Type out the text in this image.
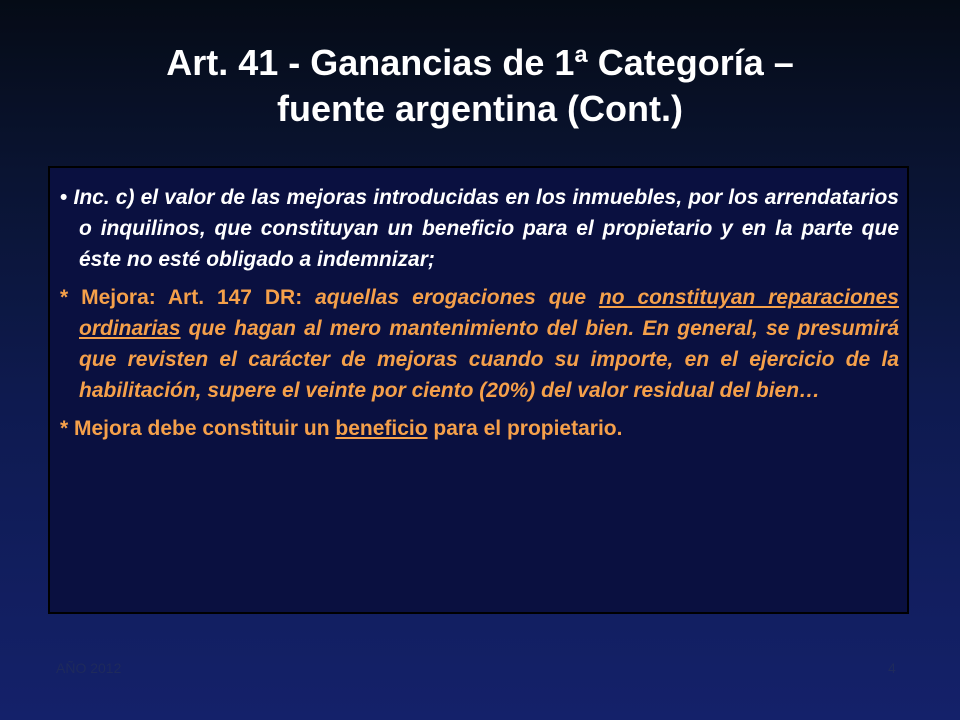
Art. 41 - Ganancias de 1ª Categoría –
fuente argentina (Cont.)

• Inc. c) el valor de las mejoras introducidas en los inmuebles, por los arrendatarios o inquilinos, que constituyan un beneficio para el propietario y en la parte que éste no esté obligado a indemnizar;

* Mejora: Art. 147 DR: aquellas erogaciones que no constituyan reparaciones ordinarias que hagan al mero mantenimiento del bien. En general, se presumirá que revisten el carácter de mejoras cuando su importe, en el ejercicio de la habilitación, supere el veinte por ciento (20%) del valor residual del bien…

* Mejora debe constituir un beneficio para el propietario.

AÑO 2012	4
